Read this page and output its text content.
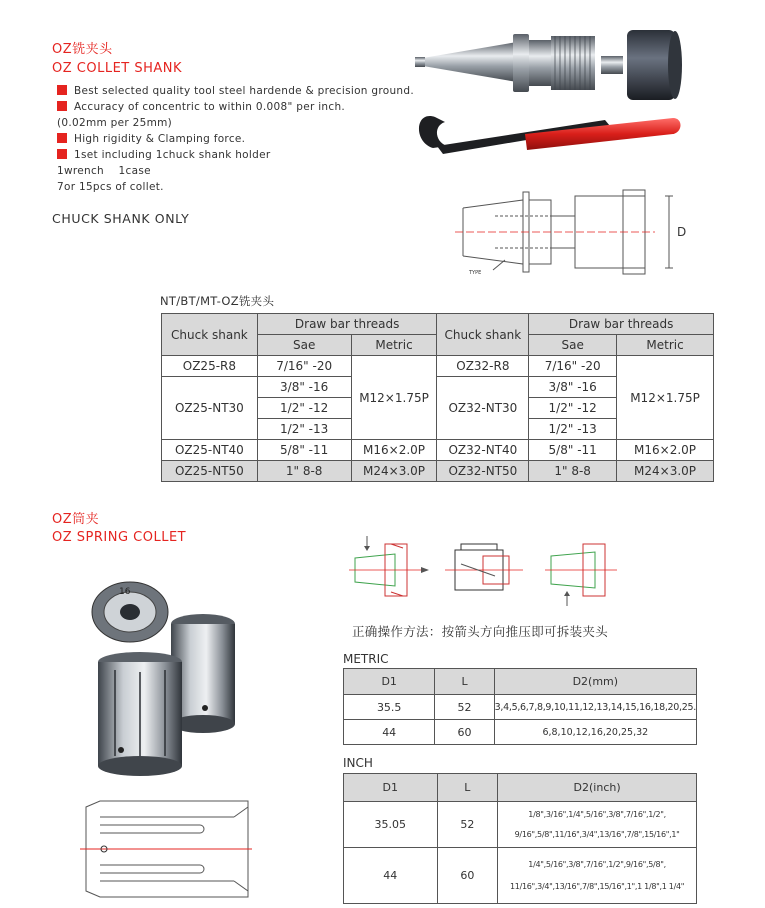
OZ铣夹头
OZ COLLET SHANK
Best selected quality tool steel hardende & precision ground.
Accuracy of concentric to within 0.008" per inch.
(0.02mm per 25mm)
High rigidity & Clamping force.
1set including 1chuck shank holder
1wrench    1case
7or 15pcs of collet.
CHUCK SHANK ONLY
D
TYPE
NT/BT/MT-OZ铣夹头
Chuck shank	Draw bar threads		Chuck shank	Draw bar threads	
	Sae	Metric		Sae	Metric
OZ25-R8	7/16" -20	M12×1.75P	OZ32-R8	7/16" -20	M12×1.75P
OZ25-NT30	3/8" -16		OZ32-NT30	3/8" -16	
	1/2" -12			1/2" -12	
	1/2" -13			1/2" -13	
OZ25-NT40	5/8" -11	M16×2.0P	OZ32-NT40	5/8" -11	M16×2.0P
OZ25-NT50	1" 8-8	M24×3.0P	OZ32-NT50	1" 8-8	M24×3.0P
OZ筒夹
OZ SPRING COLLET
正确操作方法：按箭头方向推压即可拆装夹头
16
METRIC
D1	L	D2(mm)
35.5	52	3,4,5,6,7,8,9,10,11,12,13,14,15,16,18,20,25.
44	60	6,8,10,12,16,20,25,32
INCH
D1	L	D2(inch)
35.05	52	1/8",3/16",1/4",5/16",3/8",7/16",1/2",
9/16",5/8",11/16",3/4",13/16",7/8",15/16",1"

44	60	1/4",5/16",3/8",7/16",1/2",9/16",5/8",
11/16",3/4",13/16",7/8",15/16",1",1 1/8",1 1/4"
